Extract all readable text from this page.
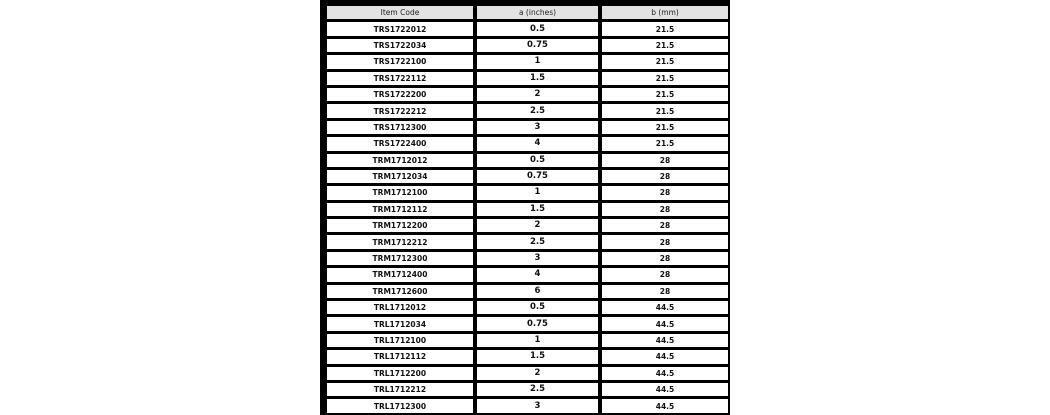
Item Code	a (inches)	b (mm)
TRS1722012	0.5	21.5
TRS1722034	0.75	21.5
TRS1722100	1	21.5
TRS1722112	1.5	21.5
TRS1722200	2	21.5
TRS1722212	2.5	21.5
TRS1712300	3	21.5
TRS1722400	4	21.5
TRM1712012	0.5	28
TRM1712034	0.75	28
TRM1712100	1	28
TRM1712112	1.5	28
TRM1712200	2	28
TRM1712212	2.5	28
TRM1712300	3	28
TRM1712400	4	28
TRM1712600	6	28
TRL1712012	0.5	44.5
TRL1712034	0.75	44.5
TRL1712100	1	44.5
TRL1712112	1.5	44.5
TRL1712200	2	44.5
TRL1712212	2.5	44.5
TRL1712300	3	44.5
